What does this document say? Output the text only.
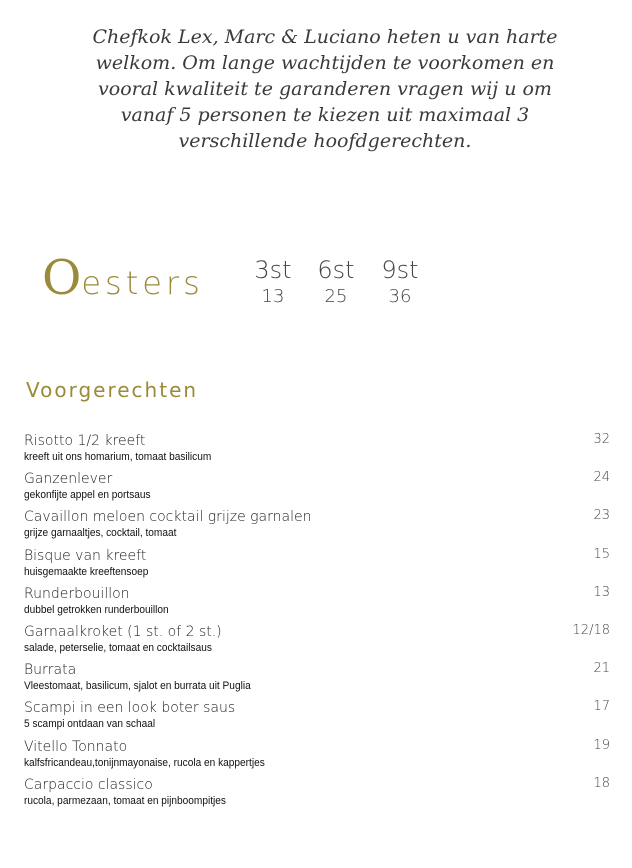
Chefkok Lex, Marc & Luciano heten u van harte
welkom. Om lange wachtijden te voorkomen en
vooral kwaliteit te garanderen vragen wij u om
vanaf 5 personen te kiezen uit maximaal 3
verschillende hoofdgerechten.
Oesters 3st
13
6st
25
9st
36
Voorgerechten
Risotto 1/2 kreeft
kreeft uit ons homarium, tomaat basilicum
32
Ganzenlever
gekonfijte appel en portsaus
24
Cavaillon meloen cocktail grijze garnalen
grijze garnaaltjes, cocktail, tomaat
23
Bisque van kreeft
huisgemaakte kreeftensoep
15
Runderbouillon
dubbel getrokken runderbouillon
13
Garnaalkroket (1 st. of 2 st.)
salade, peterselie, tomaat en cocktailsaus
12/18
Burrata
Vleestomaat, basilicum, sjalot en burrata uit Puglia
21
Scampi in een look boter saus
5 scampi ontdaan van schaal
17
Vitello Tonnato
kalfsfricandeau,tonijnmayonaise, rucola en kappertjes
19
Carpaccio classico
rucola, parmezaan, tomaat en pijnboompitjes
18
